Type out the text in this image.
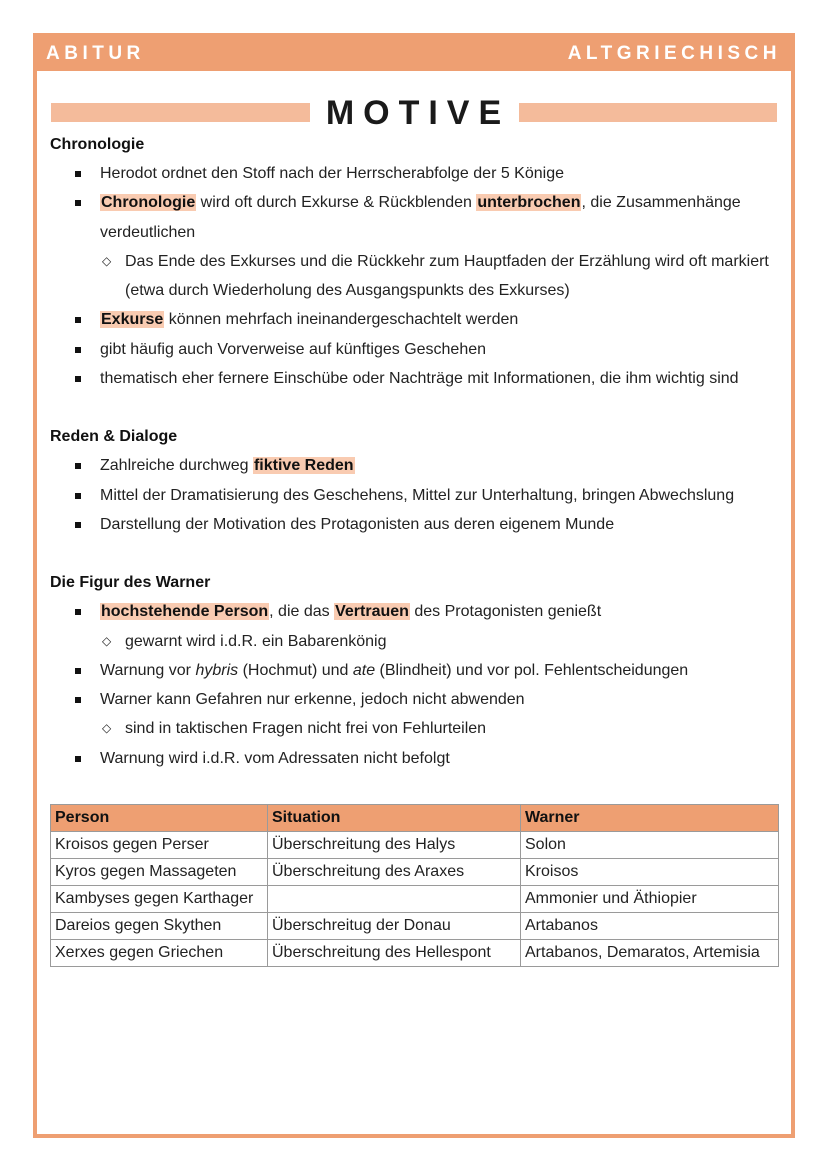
ABITUR	ALTGRIECHISCH
MOTIVE
Chronologie
Herodot ordnet den Stoff nach der Herrscherabfolge der 5 Könige
Chronologie wird oft durch Exkurse & Rückblenden unterbrochen, die Zusammenhänge verdeutlichen
◇ Das Ende des Exkurses und die Rückkehr zum Hauptfaden der Erzählung wird oft markiert (etwa durch Wiederholung des Ausgangspunkts des Exkurses)
Exkurse können mehrfach ineinandergeschachtelt werden
gibt häufig auch Vorverweise auf künftiges Geschehen
thematisch eher fernere Einschübe oder Nachträge mit Informationen, die ihm wichtig sind
Reden & Dialoge
Zahlreiche durchweg fiktive Reden
Mittel der Dramatisierung des Geschehens, Mittel zur Unterhaltung, bringen Abwechslung
Darstellung der Motivation des Protagonisten aus deren eigenem Munde
Die Figur des Warner
hochstehende Person, die das Vertrauen des Protagonisten genießt
◇ gewarnt wird i.d.R. ein Babarenkönig
Warnung vor hybris (Hochmut) und ate (Blindheit) und vor pol. Fehlentscheidungen
Warner kann Gefahren nur erkenne, jedoch nicht abwenden
◇ sind in taktischen Fragen nicht frei von Fehlurteilen
Warnung wird i.d.R. vom Adressaten nicht befolgt
Person	Situation	Warner
Kroisos gegen Perser	Überschreitung des Halys	Solon
Kyros gegen Massageten	Überschreitung des Araxes	Kroisos
Kambyses gegen Karthager		Ammonier und Äthiopier
Dareios gegen Skythen	Überschreitug der Donau	Artabanos
Xerxes gegen Griechen	Überschreitung des Hellespont	Artabanos, Demaratos, Artemisia
